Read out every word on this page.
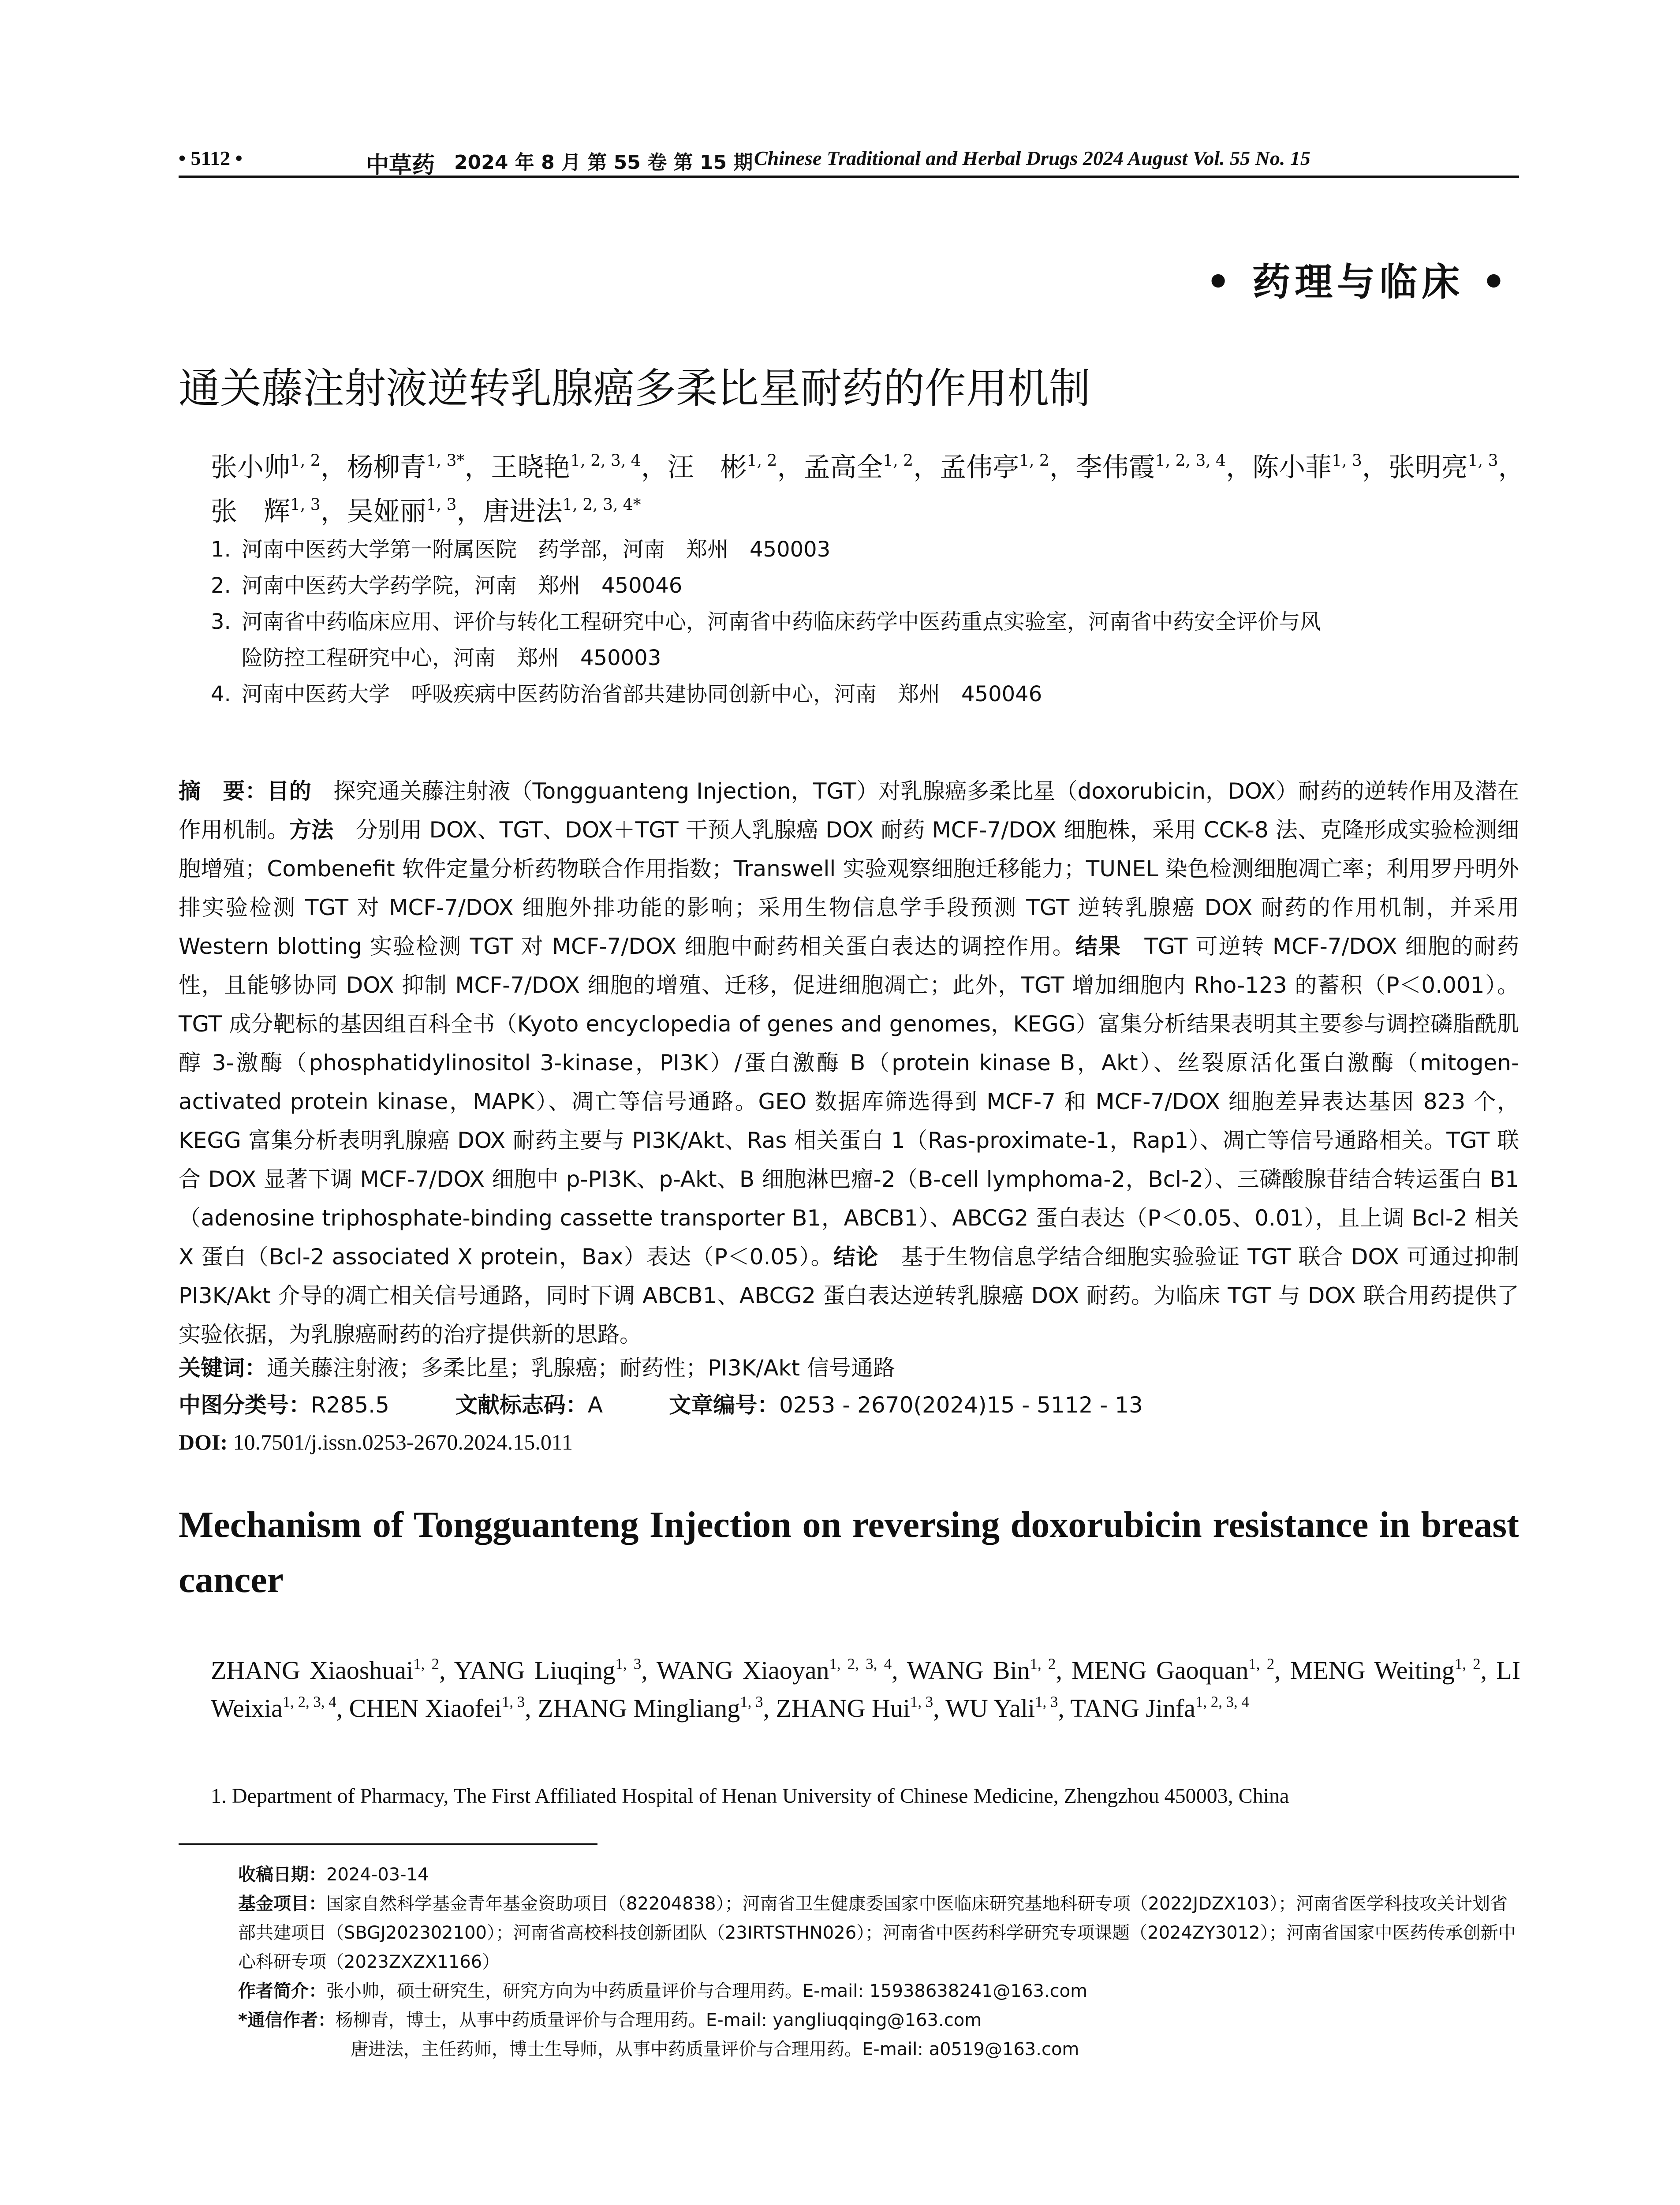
• 5112 •	中草药 2024 年 8 月 第 55 卷 第 15 期 Chinese Traditional and Herbal Drugs 2024 August Vol. 55 No. 15
• 药理与临床 •
通关藤注射液逆转乳腺癌多柔比星耐药的作用机制
张小帅$^{1, 2}$，杨柳青$^{1, 3*}$，王晓艳$^{1, 2, 3, 4}$，汪　彬$^{1, 2}$，孟高全$^{1, 2}$，孟伟亭$^{1, 2}$，李伟霞$^{1, 2, 3, 4}$，陈小菲$^{1, 3}$，张明亮$^{1, 3}$，张　辉$^{1, 3}$，吴娅丽$^{1, 3}$，唐进法$^{1, 2, 3, 4*}$
1. 河南中医药大学第一附属医院　药学部，河南　郑州　450003
2. 河南中医药大学药学院，河南　郑州　450046
3. 河南省中药临床应用、评价与转化工程研究中心，河南省中药临床药学中医药重点实验室，河南省中药安全评价与风
险防控工程研究中心，河南　郑州　450003
4. 河南中医药大学　呼吸疾病中医药防治省部共建协同创新中心，河南　郑州　450046
摘　要：目的　探究通关藤注射液（Tongguanteng Injection，TGT）对乳腺癌多柔比星（doxorubicin，DOX）耐药的逆转作用及潜在作用机制。方法　分别用 DOX、TGT、DOX＋TGT 干预人乳腺癌 DOX 耐药 MCF-7/DOX 细胞株，采用 CCK-8 法、克隆形成实验检测细胞增殖；Combenefit 软件定量分析药物联合作用指数；Transwell 实验观察细胞迁移能力；TUNEL 染色检测细胞凋亡率；利用罗丹明外排实验检测 TGT 对 MCF-7/DOX 细胞外排功能的影响；采用生物信息学手段预测 TGT 逆转乳腺癌 DOX 耐药的作用机制，并采用 Western blotting 实验检测 TGT 对 MCF-7/DOX 细胞中耐药相关蛋白表达的调控作用。结果　TGT 可逆转 MCF-7/DOX 细胞的耐药性，且能够协同 DOX 抑制 MCF-7/DOX 细胞的增殖、迁移，促进细胞凋亡；此外，TGT 增加细胞内 Rho-123 的蓄积（P＜0.001）。TGT 成分靶标的基因组百科全书（Kyoto encyclopedia of genes and genomes，KEGG）富集分析结果表明其主要参与调控磷脂酰肌醇 3-激酶（phosphatidylinositol 3-kinase，PI3K）/蛋白激酶 B（protein kinase B，Akt）、丝裂原活化蛋白激酶（mitogen-activated protein kinase，MAPK）、凋亡等信号通路。GEO 数据库筛选得到 MCF-7 和 MCF-7/DOX 细胞差异表达基因 823 个，KEGG 富集分析表明乳腺癌 DOX 耐药主要与 PI3K/Akt、Ras 相关蛋白 1（Ras-proximate-1，Rap1）、凋亡等信号通路相关。TGT 联合 DOX 显著下调 MCF-7/DOX 细胞中 p-PI3K、p-Akt、B 细胞淋巴瘤-2（B-cell lymphoma-2，Bcl-2）、三磷酸腺苷结合转运蛋白 B1（adenosine triphosphate-binding cassette transporter B1，ABCB1）、ABCG2 蛋白表达（P＜0.05、0.01），且上调 Bcl-2 相关 X 蛋白（Bcl-2 associated X protein，Bax）表达（P＜0.05）。结论　基于生物信息学结合细胞实验验证 TGT 联合 DOX 可通过抑制 PI3K/Akt 介导的凋亡相关信号通路，同时下调 ABCB1、ABCG2 蛋白表达逆转乳腺癌 DOX 耐药。为临床 TGT 与 DOX 联合用药提供了实验依据，为乳腺癌耐药的治疗提供新的思路。
关键词：通关藤注射液；多柔比星；乳腺癌；耐药性；PI3K/Akt 信号通路
中图分类号：R285.5	文献标志码：A	文章编号：0253 - 2670(2024)15 - 5112 - 13
DOI: 10.7501/j.issn.0253-2670.2024.15.011
Mechanism of Tongguanteng Injection on reversing doxorubicin resistance in breast cancer
ZHANG Xiaoshuai$^{1, 2}$, YANG Liuqing$^{1, 3}$, WANG Xiaoyan$^{1, 2, 3, 4}$, WANG Bin$^{1, 2}$, MENG Gaoquan$^{1, 2}$, MENG Weiting$^{1, 2}$, LI Weixia$^{1, 2, 3, 4}$, CHEN Xiaofei$^{1, 3}$, ZHANG Mingliang$^{1, 3}$, ZHANG Hui$^{1, 3}$, WU Yali$^{1, 3}$, TANG Jinfa$^{1, 2, 3, 4}$
1. Department of Pharmacy, The First Affiliated Hospital of Henan University of Chinese Medicine, Zhengzhou 450003, China
收稿日期：2024-03-14
基金项目：国家自然科学基金青年基金资助项目（82204838）；河南省卫生健康委国家中医临床研究基地科研专项（2022JDZX103）；河南省医学科技攻关计划省部共建项目（SBGJ202302100）；河南省高校科技创新团队（23IRTSTHN026）；河南省中医药科学研究专项课题（2024ZY3012）；河南省国家中医药传承创新中心科研专项（2023ZXZX1166）
作者简介：张小帅，硕士研究生，研究方向为中药质量评价与合理用药。E-mail: 15938638241@163.com
*通信作者：杨柳青，博士，从事中药质量评价与合理用药。E-mail: yangliuqqing@163.com
唐进法，主任药师，博士生导师，从事中药质量评价与合理用药。E-mail: a0519@163.com
